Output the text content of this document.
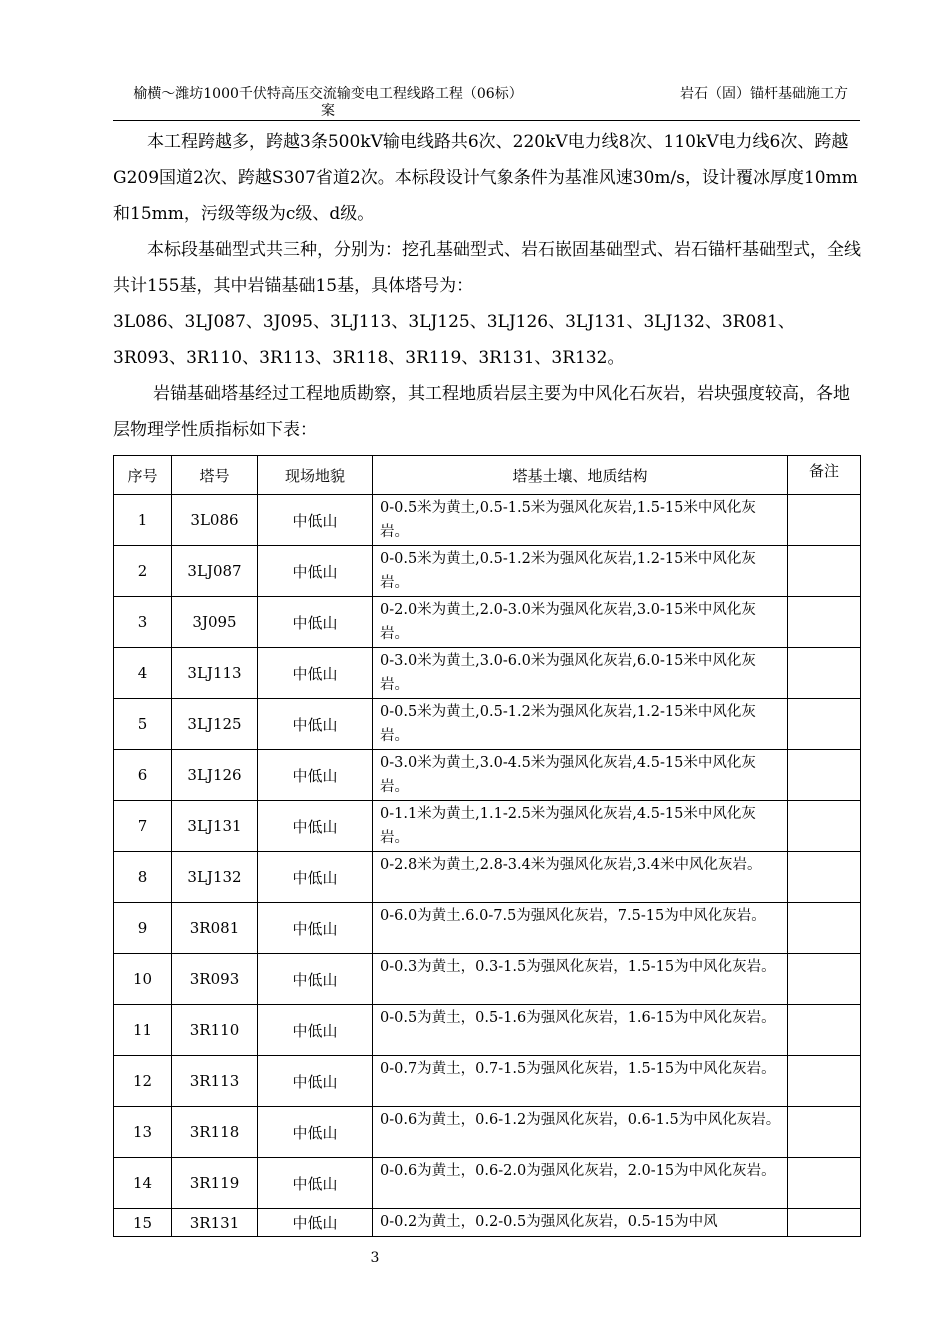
榆横～潍坊1000千伏特高压交流输变电工程线路工程（06标）案
岩石（固）锚杆基础施工方

本工程跨越多，跨越3条500kV输电线路共6次、220kV电力线8次、110kV电力线6次、跨越G209国道2次、跨越S307省道2次。本标段设计气象条件为基准风速30m/s，设计覆冰厚度10mm和15mm，污级等级为c级、d级。

本标段基础型式共三种，分别为：挖孔基础型式、岩石嵌固基础型式、岩石锚杆基础型式，全线共计155基，其中岩锚基础15基，具体塔号为：

3L086、3LJ087、3J095、3LJ113、3LJ125、3LJ126、3LJ131、3LJ132、3R081、3R093、3R110、3R113、3R118、3R119、3R131、3R132。

岩锚基础塔基经过工程地质勘察，其工程地质岩层主要为中风化石灰岩，岩块强度较高，各地层物理学性质指标如下表：

序号	塔号	现场地貌	塔基土壤、地质结构	备注
1	3L086	中低山	0-0.5米为黄土,0.5-1.5米为强风化灰岩,1.5-15米中风化灰岩。	
2	3LJ087	中低山	0-0.5米为黄土,0.5-1.2米为强风化灰岩,1.2-15米中风化灰岩。	
3	3J095	中低山	0-2.0米为黄土,2.0-3.0米为强风化灰岩,3.0-15米中风化灰岩。	
4	3LJ113	中低山	0-3.0米为黄土,3.0-6.0米为强风化灰岩,6.0-15米中风化灰岩。	
5	3LJ125	中低山	0-0.5米为黄土,0.5-1.2米为强风化灰岩,1.2-15米中风化灰岩。	
6	3LJ126	中低山	0-3.0米为黄土,3.0-4.5米为强风化灰岩,4.5-15米中风化灰岩。	
7	3LJ131	中低山	0-1.1米为黄土,1.1-2.5米为强风化灰岩,4.5-15米中风化灰岩。	
8	3LJ132	中低山	0-2.8米为黄土,2.8-3.4米为强风化灰岩,3.4米中风化灰岩。	
9	3R081	中低山	0-6.0为黄土.6.0-7.5为强风化灰岩，7.5-15为中风化灰岩。	
10	3R093	中低山	0-0.3为黄土，0.3-1.5为强风化灰岩，1.5-15为中风化灰岩。	
11	3R110	中低山	0-0.5为黄土，0.5-1.6为强风化灰岩，1.6-15为中风化灰岩。	
12	3R113	中低山	0-0.7为黄土，0.7-1.5为强风化灰岩，1.5-15为中风化灰岩。	
13	3R118	中低山	0-0.6为黄土，0.6-1.2为强风化灰岩，0.6-1.5为中风化灰岩。	
14	3R119	中低山	0-0.6为黄土，0.6-2.0为强风化灰岩，2.0-15为中风化灰岩。	
15	3R131	中低山	0-0.2为黄土，0.2-0.5为强风化灰岩，0.5-15为中风	
3
